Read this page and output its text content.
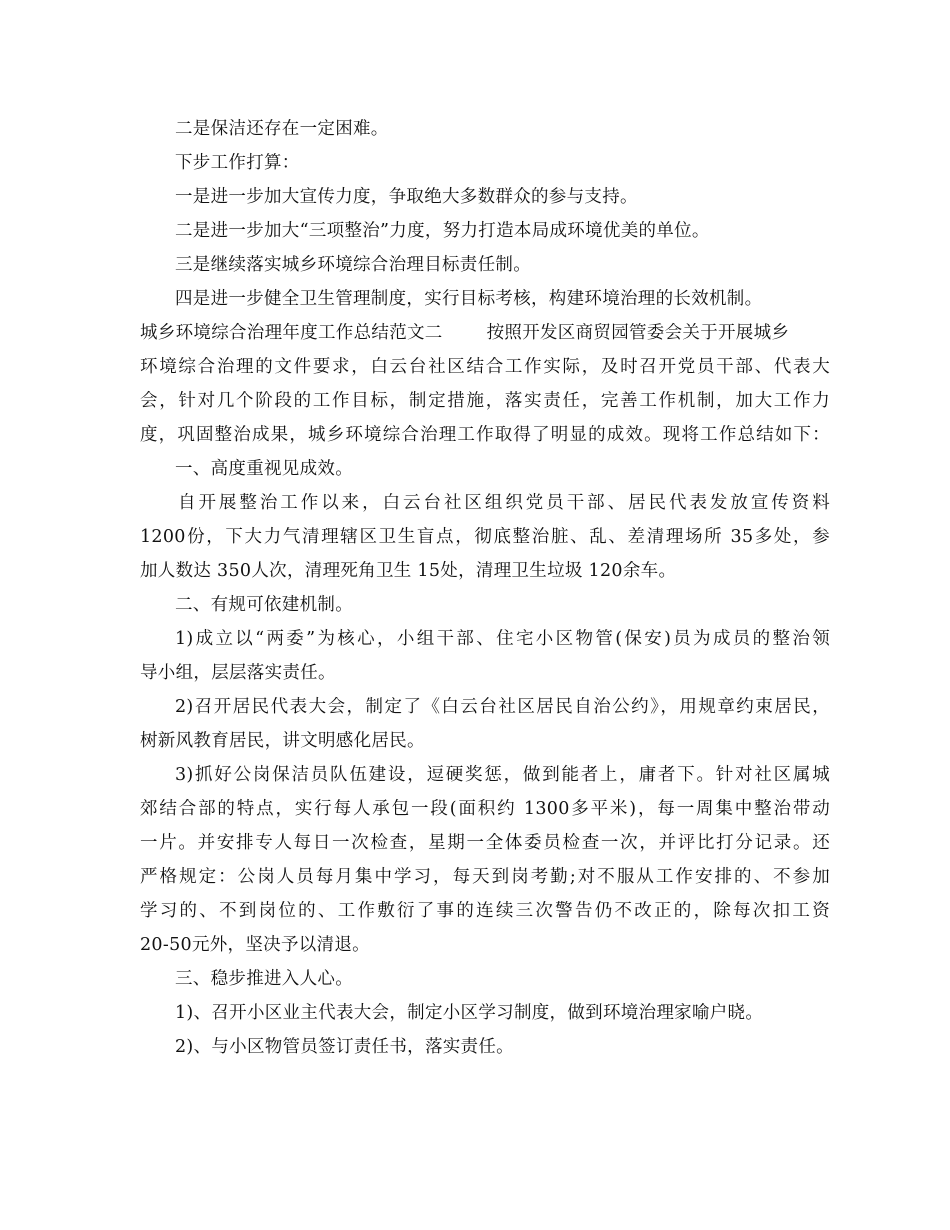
二是保洁还存在一定困难。
下步工作打算：
一是进一步加大宣传力度，争取绝大多数群众的参与支持。
二是进一步加大“三项整治”力度，努力打造本局成环境优美的单位。
三是继续落实城乡环境综合治理目标责任制。
四是进一步健全卫生管理制度，实行目标考核，构建环境治理的长效机制。
城乡环境综合治理年度工作总结范文二	按照开发区商贸园管委会关于开展城乡
环境综合治理的文件要求，白云台社区结合工作实际，及时召开党员干部、代表大
会，针对几个阶段的工作目标，制定措施，落实责任，完善工作机制，加大工作力
度，巩固整治成果，城乡环境综合治理工作取得了明显的成效。现将工作总结如下：
一、高度重视见成效。
自开展整治工作以来，白云台社区组织党员干部、居民代表发放宣传资料
1200份，下大力气清理辖区卫生盲点，彻底整治脏、乱、差清理场所 35多处，参
加人数达 350人次，清理死角卫生 15处，清理卫生垃圾 120余车。
二、有规可依建机制。
1)成立以“两委”为核心，小组干部、住宅小区物管(保安)员为成员的整治领
导小组，层层落实责任。
2)召开居民代表大会，制定了《白云台社区居民自治公约》，用规章约束居民，
树新风教育居民，讲文明感化居民。
3)抓好公岗保洁员队伍建设，逗硬奖惩，做到能者上，庸者下。针对社区属城
郊结合部的特点，实行每人承包一段(面积约 1300多平米)，每一周集中整治带动
一片。并安排专人每日一次检查，星期一全体委员检查一次，并评比打分记录。还
严格规定：公岗人员每月集中学习，每天到岗考勤;对不服从工作安排的、不参加
学习的、不到岗位的、工作敷衍了事的连续三次警告仍不改正的，除每次扣工资
20-50元外，坚决予以清退。
三、稳步推进入人心。
1)、召开小区业主代表大会，制定小区学习制度，做到环境治理家喻户晓。
2)、与小区物管员签订责任书，落实责任。
